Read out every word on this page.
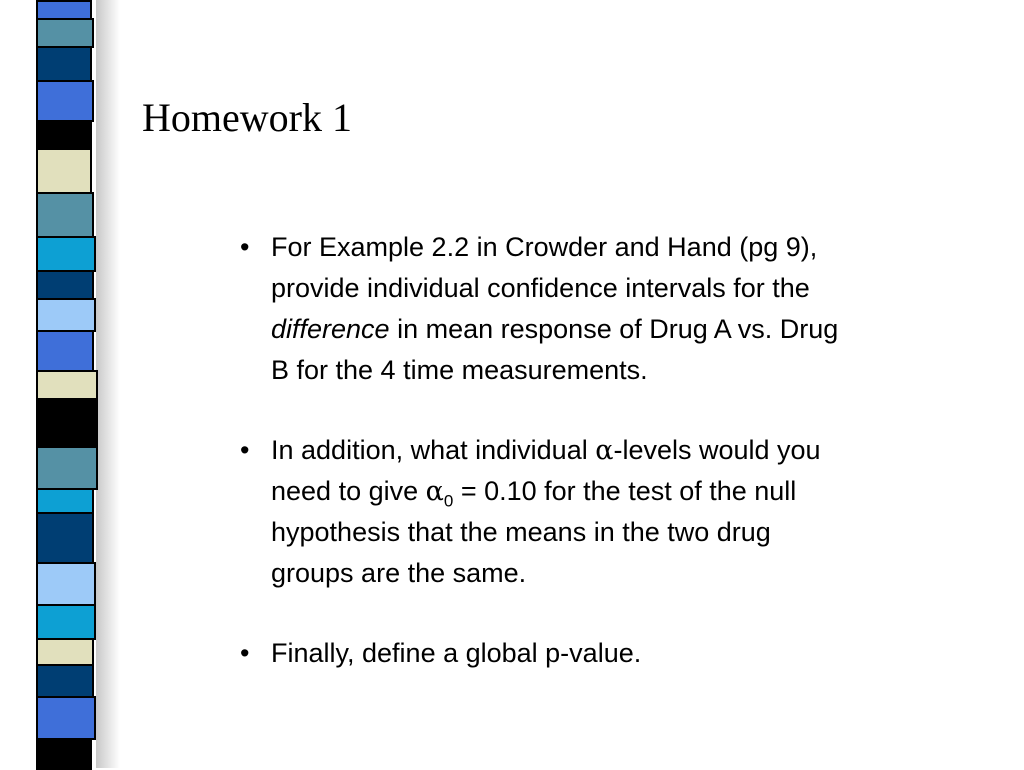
Homework 1
• For Example 2.2 in Crowder and Hand (pg 9),
provide individual confidence intervals for the
difference in mean response of Drug A vs. Drug
B for the 4 time measurements.
• In addition, what individual α-levels would you
need to give $\alpha_0 = 0.10$ for the test of the null
hypothesis that the means in the two drug
groups are the same.
• Finally, define a global p-value.
